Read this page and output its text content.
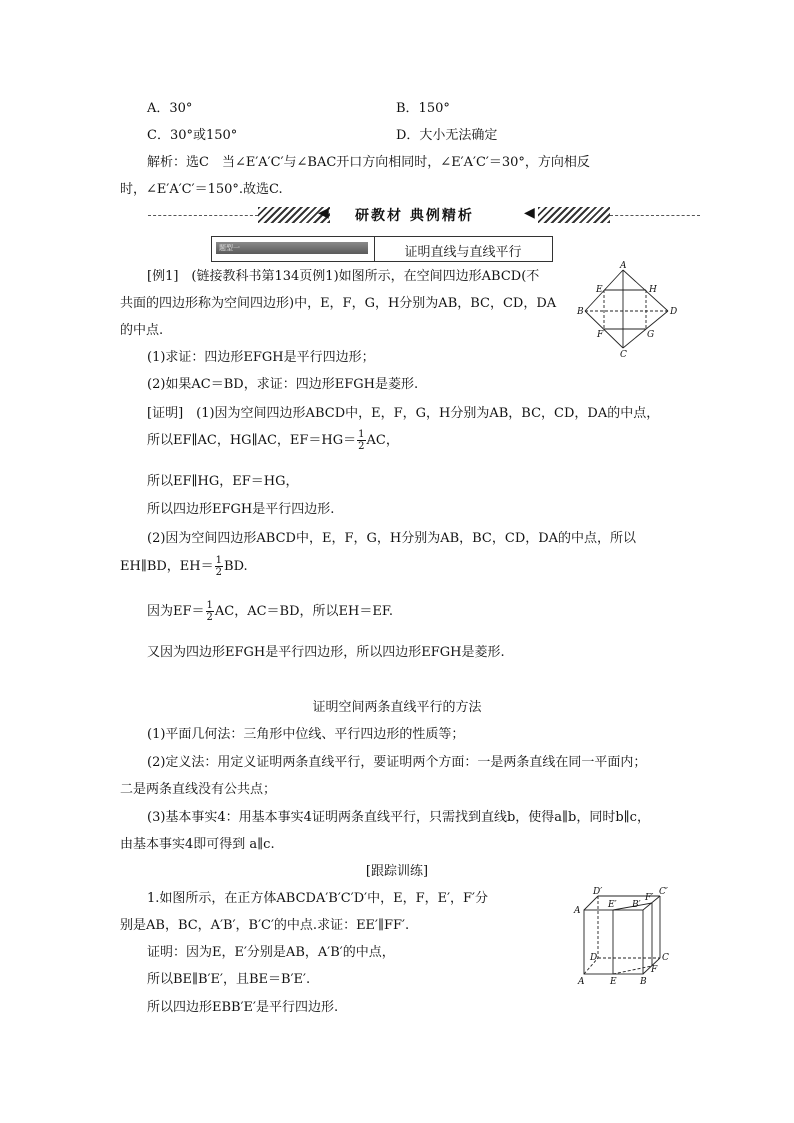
A．30°	B．150°
C．30°或150°	D．大小无法确定
解析：选C　当∠E′A′C′与∠BAC开口方向相同时，∠E′A′C′＝30°，方向相反
时，∠E′A′C′＝150°.故选C.
◀ 研教材 典例精析	◀
题型一	证明直线与直线平行
[例1]　(链接教科书第134页例1)如图所示，在空间四边形ABCD(不
共面的四边形称为空间四边形)中，E，F，G，H分别为AB，BC，CD，DA
的中点.
(1)求证：四边形EFGH是平行四边形；
(2)如果AC＝BD，求证：四边形EFGH是菱形.
A
E	H
B	D
F	G
C
[证明]　(1)因为空间四边形ABCD中，E，F，G，H分别为AB，BC，CD，DA的中点，
所以EF∥AC，HG∥AC，$EF=HG= \frac{1}{2}$ AC，
所以EF∥HG，EF＝HG，
所以四边形EFGH是平行四边形.
(2)因为空间四边形ABCD中，E，F，G，H分别为AB，BC，CD，DA的中点，所以
EH∥BD，$EH= \frac{1}{2}$ BD.
因为$EF= \frac{1}{2}$ AC，AC＝BD，所以EH＝EF.
又因为四边形EFGH是平行四边形，所以四边形EFGH是菱形.
证明空间两条直线平行的方法
(1)平面几何法：三角形中位线、平行四边形的性质等；
(2)定义法：用定义证明两条直线平行，要证明两个方面：一是两条直线在同一平面内；
二是两条直线没有公共点；
(3)基本事实4：用基本事实4证明两条直线平行，只需找到直线b，使得a∥b，同时b∥c，
由基本事实4即可得到 a∥c.
[跟踪训练]
1.如图所示，在正方体ABCDA′B′C′D′中，E，F，E′，F′分
别是AB，BC，A′B′，B′C′的中点.求证：EE′∥FF′.
证明：因为E，E′分别是AB，A′B′的中点，
所以BE∥B′E′，且BE＝B′E′.
所以四边形EBB′E′是平行四边形.
D′	C′
A
E′ B′
F′
D	C
F
A	E	B
